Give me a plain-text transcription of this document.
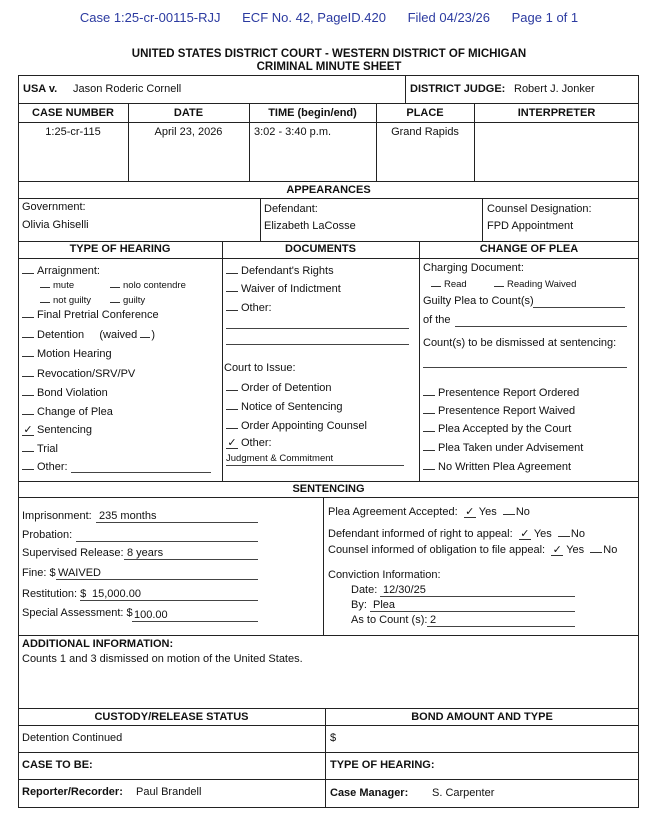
Case 1:25-cr-00115-RJJ ECF No. 42, PageID.420 Filed 04/23/26 Page 1 of 1
UNITED STATES DISTRICT COURT - WESTERN DISTRICT OF MICHIGAN
CRIMINAL MINUTE SHEET
USA v. Jason Roderic Cornell	DISTRICT JUDGE: Robert J. Jonker
CASE NUMBER	DATE	TIME (begin/end)	PLACE	INTERPRETER
1:25-cr-115	April 23, 2026	3:02 - 3:40 p.m.	Grand Rapids
APPEARANCES
Government:
Olivia Ghiselli
Defendant:
Elizabeth LaCosse
Counsel Designation:
FPD Appointment
TYPE OF HEARING	DOCUMENTS	CHANGE OF PLEA
Arraignment:
mute	nolo contendre
not guilty	guilty
Final Pretrial Conference
Detention (waived )
Motion Hearing
Revocation/SRV/PV
Bond Violation
Change of Plea
✓ Sentencing
Trial
Other:
Defendant's Rights
Waiver of Indictment
Other:
Court to Issue:
Order of Detention
Notice of Sentencing
Order Appointing Counsel
✓ Other:
Judgment & Commitment
Charging Document:
Read	Reading Waived
Guilty Plea to Count(s)
of the
Count(s) to be dismissed at sentencing:
Presentence Report Ordered
Presentence Report Waived
Plea Accepted by the Court
Plea Taken under Advisement
No Written Plea Agreement
SENTENCING
Imprisonment: 235 months
Probation:
Supervised Release: 8 years
Fine: $ WAIVED
Restitution: $ 15,000.00
Special Assessment: $ 100.00
Plea Agreement Accepted: ✓ Yes No
Defendant informed of right to appeal: ✓ Yes No
Counsel informed of obligation to file appeal: ✓ Yes No
Conviction Information:
Date: 12/30/25
By: Plea
As to Count (s): 2
ADDITIONAL INFORMATION:
Counts 1 and 3 dismissed on motion of the United States.
CUSTODY/RELEASE STATUS	BOND AMOUNT AND TYPE
Detention Continued	$
CASE TO BE:	TYPE OF HEARING:
Reporter/Recorder: Paul Brandell	Case Manager: S. Carpenter
